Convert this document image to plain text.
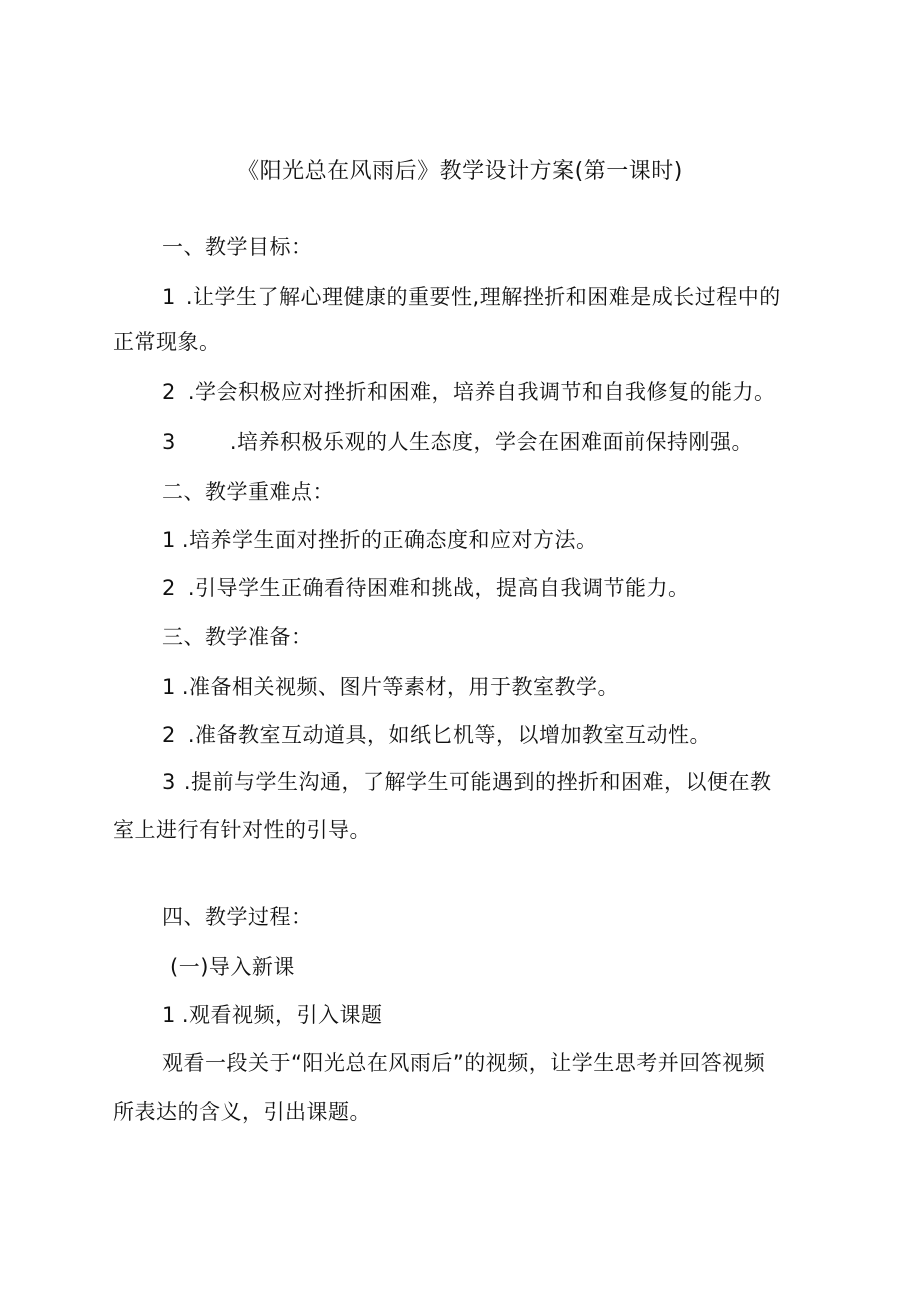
《阳光总在风雨后》教学设计方案(第一课时)
一、教学目标：
1 .让学生了解心理健康的重要性,理解挫折和困难是成长过程中的
正常现象。
2 .学会积极应对挫折和困难，培养自我调节和自我修复的能力。
3	.培养积极乐观的人生态度，学会在困难面前保持刚强。
二、教学重难点：
1 .培养学生面对挫折的正确态度和应对方法。
2 .引导学生正确看待困难和挑战，提高自我调节能力。
三、教学准备：
1 .准备相关视频、图片等素材，用于教室教学。
2 .准备教室互动道具，如纸匕机等，以增加教室互动性。
3 .提前与学生沟通，了解学生可能遇到的挫折和困难，以便在教
室上进行有针对性的引导。
四、教学过程：
(一)导入新课
1 .观看视频，引入课题
观看一段关于“阳光总在风雨后”的视频，让学生思考并回答视频
所表达的含义，引出课题。
